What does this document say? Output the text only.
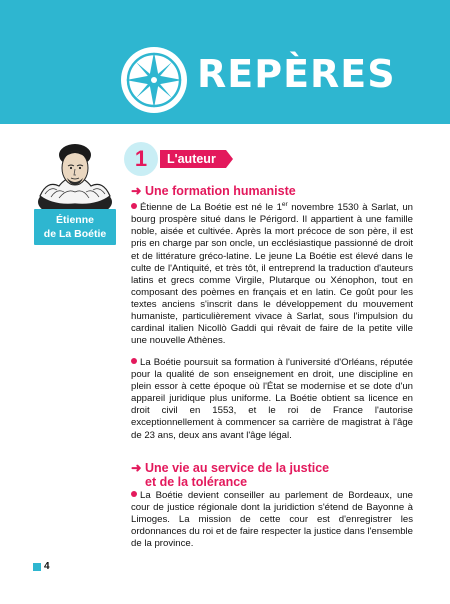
REPÈRES
Étienne
de La Boétie
1	L'auteur
➜ Une formation humaniste

Étienne de La Boétie est né le 1er novembre 1530 à Sarlat, un bourg prospère situé dans le Périgord. Il appartient à une famille noble, aisée et cultivée. Après la mort précoce de son père, il est pris en charge par son oncle, un ecclésiastique passionné de droit et de littérature gréco-latine. Le jeune La Boétie est élevé dans le culte de l'Antiquité, et très tôt, il entreprend la traduction d'auteurs latins et grecs comme Virgile, Plutarque ou Xénophon, tout en composant des poèmes en français et en latin. Ce goût pour les textes anciens s'inscrit dans le développement du mouvement humaniste, particulièrement vivace à Sarlat, sous l'impulsion du cardinal italien Nicollò Gaddi qui rêvait de faire de la petite ville une nouvelle Athènes.

La Boétie poursuit sa formation à l'université d'Orléans, réputée pour la qualité de son enseignement en droit, une discipline en plein essor à cette époque où l'État se modernise et se dote d'un appareil juridique plus uniforme. La Boétie obtient sa licence en droit civil en 1553, et le roi de France l'autorise exceptionnellement à commencer sa carrière de magistrat à l'âge de 23 ans, deux ans avant l'âge légal.

➜ Une vie au service de la justice
et de la tolérance

La Boétie devient conseiller au parlement de Bordeaux, une cour de justice régionale dont la juridiction s'étend de Bayonne à Limoges. La mission de cette cour est d'enregistrer les ordonnances du roi et de faire respecter la justice dans l'ensemble de la province.

4
